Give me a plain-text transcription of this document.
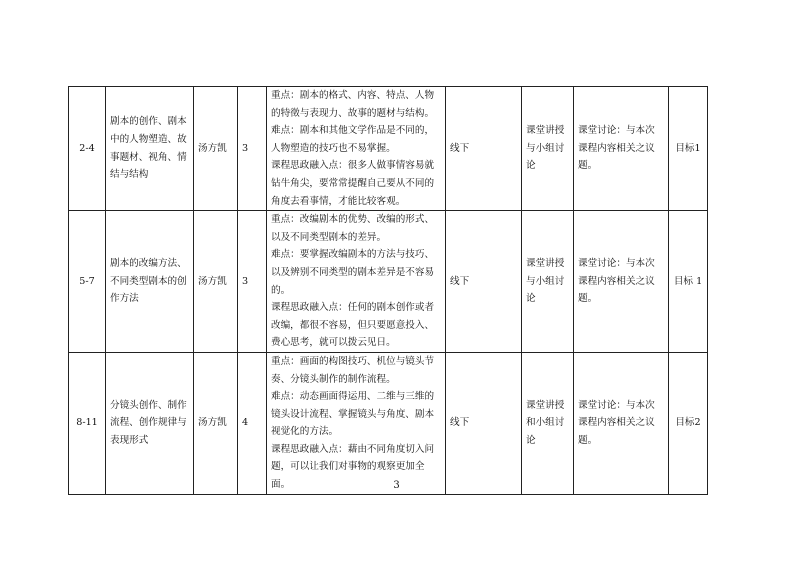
2-4	剧本的创作、剧本中的人物塑造、故事题材、视角、情结与结构	汤方凯	3	重点：剧本的格式、内容、特点、人物的特徵与表现力、故事的题材与结构。
难点：剧本和其他文学作品是不同的，人物塑造的技巧也不易掌握。
课程思政融入点：很多人做事情容易就钻牛角尖，要常常提醒自己要从不同的角度去看事情，才能比较客观。	线下	课堂讲授与小组讨论	课堂讨论：与本次课程内容相关之议题。	目标1
5-7	剧本的改编方法、不同类型剧本的创作方法	汤方凯	3	重点：改编剧本的优势、改编的形式、以及不同类型剧本的差异。
难点：要掌握改编剧本的方法与技巧、以及辨别不同类型的剧本差异是不容易的。
课程思政融入点：任何的剧本创作或者改编，都很不容易，但只要愿意投入、费心思考，就可以拨云见日。	线下	课堂讲授与小组讨论	课堂讨论：与本次课程内容相关之议题。	目标 1
8-11	分镜头创作、制作流程、创作规律与表现形式	汤方凯	4	重点：画面的构图技巧、机位与镜头节奏、分镜头制作的制作流程。
难点：动态画面得运用、二维与三维的镜头设计流程、掌握镜头与角度、剧本视觉化的方法。
课程思政融入点：藉由不同角度切入问题，可以让我们对事物的观察更加全面。	线下	课堂讲授和小组讨论	课堂讨论：与本次课程内容相关之议题。	目标2
3
